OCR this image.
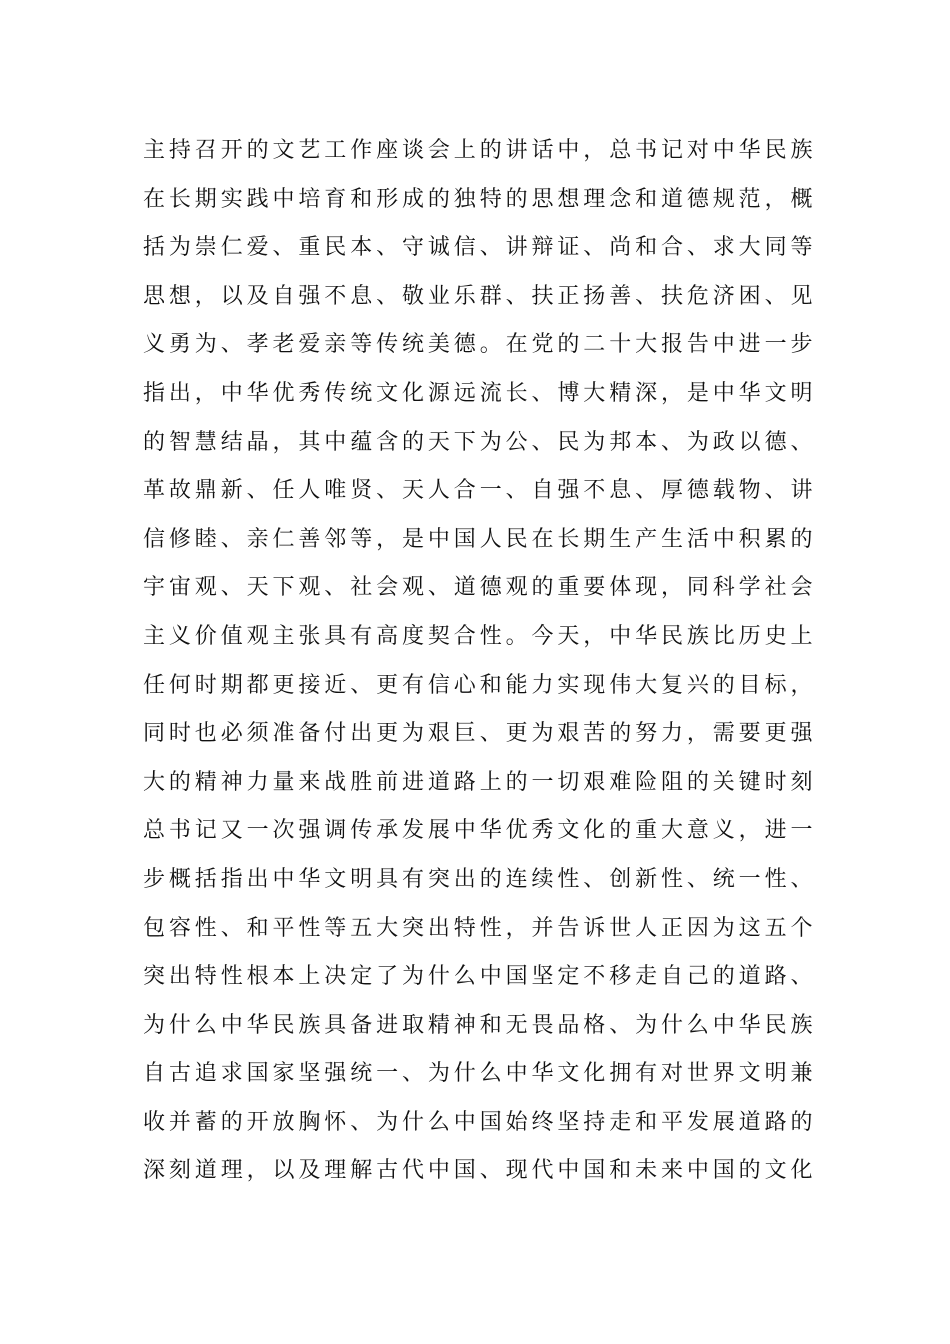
主持召开的文艺工作座谈会上的讲话中，总书记对中华民族
在长期实践中培育和形成的独特的思想理念和道德规范，概
括为崇仁爱、重民本、守诚信、讲辩证、尚和合、求大同等
思想，以及自强不息、敬业乐群、扶正扬善、扶危济困、见
义勇为、孝老爱亲等传统美德。在党的二十大报告中进一步
指出，中华优秀传统文化源远流长、博大精深，是中华文明
的智慧结晶，其中蕴含的天下为公、民为邦本、为政以德、
革故鼎新、任人唯贤、天人合一、自强不息、厚德载物、讲
信修睦、亲仁善邻等，是中国人民在长期生产生活中积累的
宇宙观、天下观、社会观、道德观的重要体现，同科学社会
主义价值观主张具有高度契合性。今天，中华民族比历史上
任何时期都更接近、更有信心和能力实现伟大复兴的目标，
同时也必须准备付出更为艰巨、更为艰苦的努力，需要更强
大的精神力量来战胜前进道路上的一切艰难险阻的关键时刻
总书记又一次强调传承发展中华优秀文化的重大意义，进一
步概括指出中华文明具有突出的连续性、创新性、统一性、
包容性、和平性等五大突出特性，并告诉世人正因为这五个
突出特性根本上决定了为什么中国坚定不移走自己的道路、
为什么中华民族具备进取精神和无畏品格、为什么中华民族
自古追求国家坚强统一、为什么中华文化拥有对世界文明兼
收并蓄的开放胸怀、为什么中国始终坚持走和平发展道路的
深刻道理，以及理解古代中国、现代中国和未来中国的文化
